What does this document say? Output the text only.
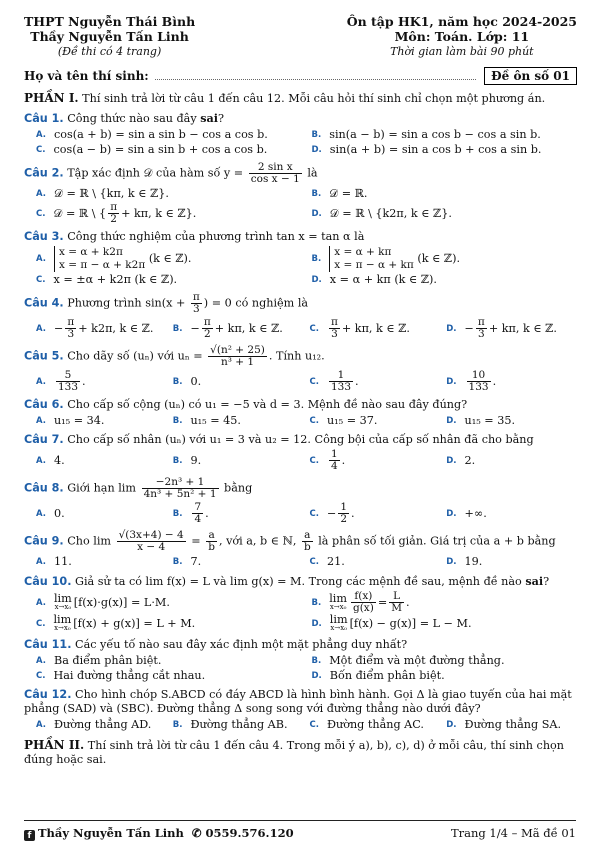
THPT Nguyễn Thái Bình
Thầy Nguyễn Tấn Linh
(Đề thi có 4 trang)
Ôn tập HK1, năm học 2024-2025
Môn: Toán. Lớp: 11
Thời gian làm bài 90 phút
Họ và tên thí sinh:	Đề ôn số 01
PHẦN I. Thí sinh trả lời từ câu 1 đến câu 12. Mỗi câu hỏi thí sinh chỉ chọn một phương án.
Câu 1. Công thức nào sau đây sai?
A. cos(a + b) = sin a sin b − cos a cos b.	B. sin(a − b) = sin a cos b − cos a sin b.
C. cos(a − b) = sin a sin b + cos a cos b.	D. sin(a + b) = sin a cos b + cos a sin b.
Câu 2. Tập xác định 𝒟 của hàm số $y = \frac{\text{2 sin x}}{\text{cos x − 1}}$ là
A. 𝒟 = ℝ \ {kπ, k ∈ ℤ}.	B. 𝒟 = ℝ.
C. 𝒟 = ℝ \ { $\frac{\pi}{2} + k\pi$, k ∈ ℤ}.	D. 𝒟 = ℝ \ {k2π, k ∈ ℤ}.
Câu 3. Công thức nghiệm của phương trình tan x = tan α là
A.
x = α + k2π
x = π − α + k2π
(k ∈ ℤ).	B.
x = α + kπ
x = π − α + kπ
(k ∈ ℤ).
C. x = ±α + k2π (k ∈ ℤ).	D. x = α + kπ (k ∈ ℤ).
Câu 4. Phương trình $\sin(x + \frac{\pi}{3}$ ) = 0 có nghiệm là
A. − $\frac{\pi}{3} + k2\pi$, k ∈ ℤ. B. − $\frac{\pi}{2} + k\pi$, k ∈ ℤ.	C. $\frac{\pi}{3} + k\pi$, k ∈ ℤ.	D. − $\frac{\pi}{3} + k\pi$, k ∈ ℤ.
Câu 5. Cho dãy số (uₙ) với $u_n = \frac{\text{√(n² + 25)}}{\text{n³ + 1}}$ . Tính u₁₂.
A. $\frac{5}{133}$ .	B. 0.	C. $\frac{1}{133}$ .	D. $\frac{10}{133}$ .
Câu 6. Cho cấp số cộng (uₙ) có u₁ = −5 và d = 3. Mệnh đề nào sau đây đúng?
A. u₁₅ = 34.	B. u₁₅ = 45.	C. u₁₅ = 37.	D. u₁₅ = 35.
Câu 7. Cho cấp số nhân (uₙ) với u₁ = 3 và u₂ = 12. Công bội của cấp số nhân đã cho bằng
A. 4.	B. 9.	C. $\frac{1}{4}$ .	D. 2.
Câu 8. Giới hạn $\lim \frac{\text{−2n³ + 1}}{\text{4n³ + 5n² + 1}}$ bằng
A. 0.	B. $\frac{7}{4}$ .	C. − $\frac{1}{2}$ .	D. +∞.
Câu 9. Cho $\lim \frac{√(3x+4) - 4}{x - 4} = \frac{a}{b}$ , với a, b ∈ ℕ, $\frac{a}{b}$ là phân số tối giản. Giá trị của a + b bằng
A. 11.	B. 7.	C. 21.	D. 19.
Câu 10. Giả sử ta có lim f(x) = L và lim g(x) = M. Trong các mệnh đề sau, mệnh đề nào sai?
A. lim
x→x₀ [f(x)·g(x)] = L·M.	B. lim
$x\to x_0 \frac{f(x)}{g(x)} = \frac{L}{M}$ .
C. lim
x→x₀ [f(x) + g(x)] = L + M.	D. lim
x→x₀ [f(x) − g(x)] = L − M.
Câu 11. Các yếu tố nào sau đây xác định một mặt phẳng duy nhất?
A. Ba điểm phân biệt.	B. Một điểm và một đường thẳng.
C. Hai đường thẳng cắt nhau.	D. Bốn điểm phân biệt.
Câu 12. Cho hình chóp S.ABCD có đáy ABCD là hình bình hành. Gọi Δ là giao tuyến của hai mặt phẳng (SAD) và (SBC). Đường thẳng Δ song song với đường thẳng nào dưới đây?
A. Đường thẳng AD.	B. Đường thẳng AB.	C. Đường thẳng AC.	D. Đường thẳng SA.
PHẦN II. Thí sinh trả lời từ câu 1 đến câu 4. Trong mỗi ý a), b), c), d) ở mỗi câu, thí sinh chọn đúng hoặc sai.
f Thầy Nguyễn Tấn Linh ✆ 0559.576.120	Trang 1/4 – Mã đề 01
